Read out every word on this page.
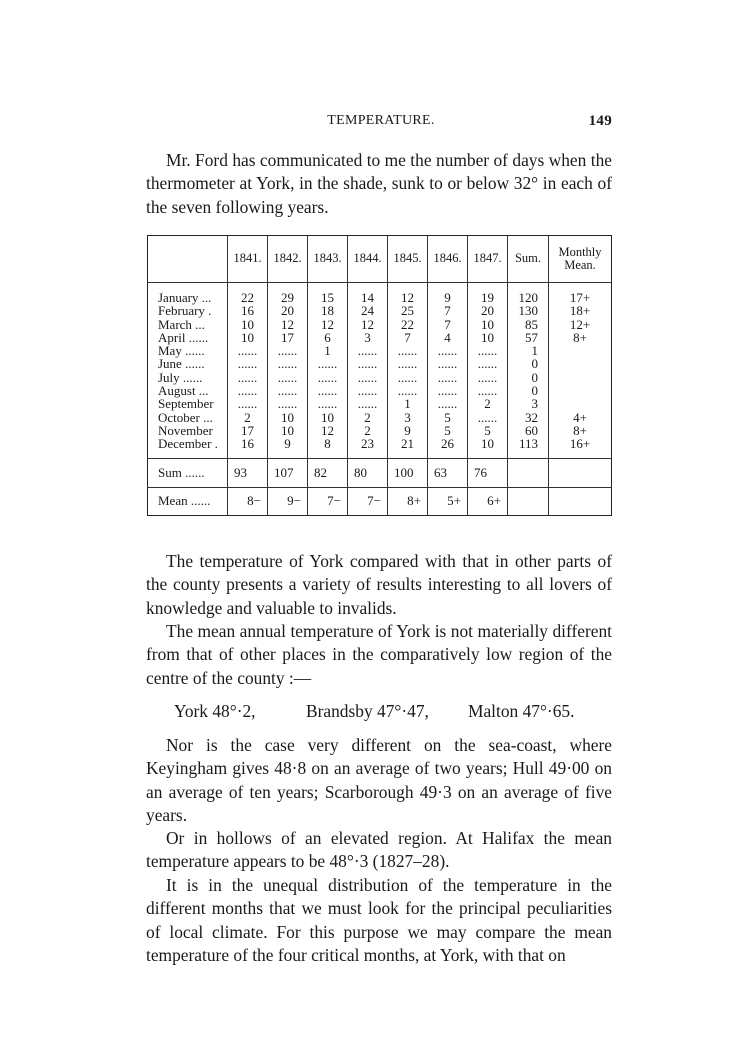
TEMPERATURE.	149

Mr. Ford has communicated to me the number of days when the thermometer at York, in the shade, sunk to or below 32° in each of the seven following years.

	1841.	1842.	1843.	1844.	1845.	1846.	1847.	Sum.	Monthly
Mean.
January ...	22	29	15	14	12	9	19	120	17+
February .	16	20	18	24	25	7	20	130	18+
March ...	10	12	12	12	22	7	10	85	12+
April ......	10	17	6	3	7	4	10	57	8+
May ......	......	......	1	......	......	......	......	1	
June ......	......	......	......	......	......	......	......	0	
July ......	......	......	......	......	......	......	......	0	
August ...	......	......	......	......	......	......	......	0	
September	......	......	......	......	1	......	2	3	
October ...	2	10	10	2	3	5	......	32	4+
November	17	10	12	2	9	5	5	60	8+
December .	16	9	8	23	21	26	10	113	16+
Sum ......	93	107	82	80	100	63	76		
Mean ......	8−	9−	7−	7−	8+	5+	6+		

The temperature of York compared with that in other parts of the county presents a variety of results interesting to all lovers of knowledge and valuable to invalids.

The mean annual temperature of York is not materially different from that of other places in the comparatively low region of the centre of the county :—

York 48°·2,	Brandsby 47°·47, Malton 47°·65.

Nor is the case very different on the sea-coast, where Keyingham gives 48·8 on an average of two years; Hull 49·00 on an average of ten years; Scarborough 49·3 on an average of five years.

Or in hollows of an elevated region. At Halifax the mean temperature appears to be 48°·3 (1827–28).

It is in the unequal distribution of the temperature in the different months that we must look for the principal peculiarities of local climate. For this purpose we may compare the mean temperature of the four critical months, at York, with that on
